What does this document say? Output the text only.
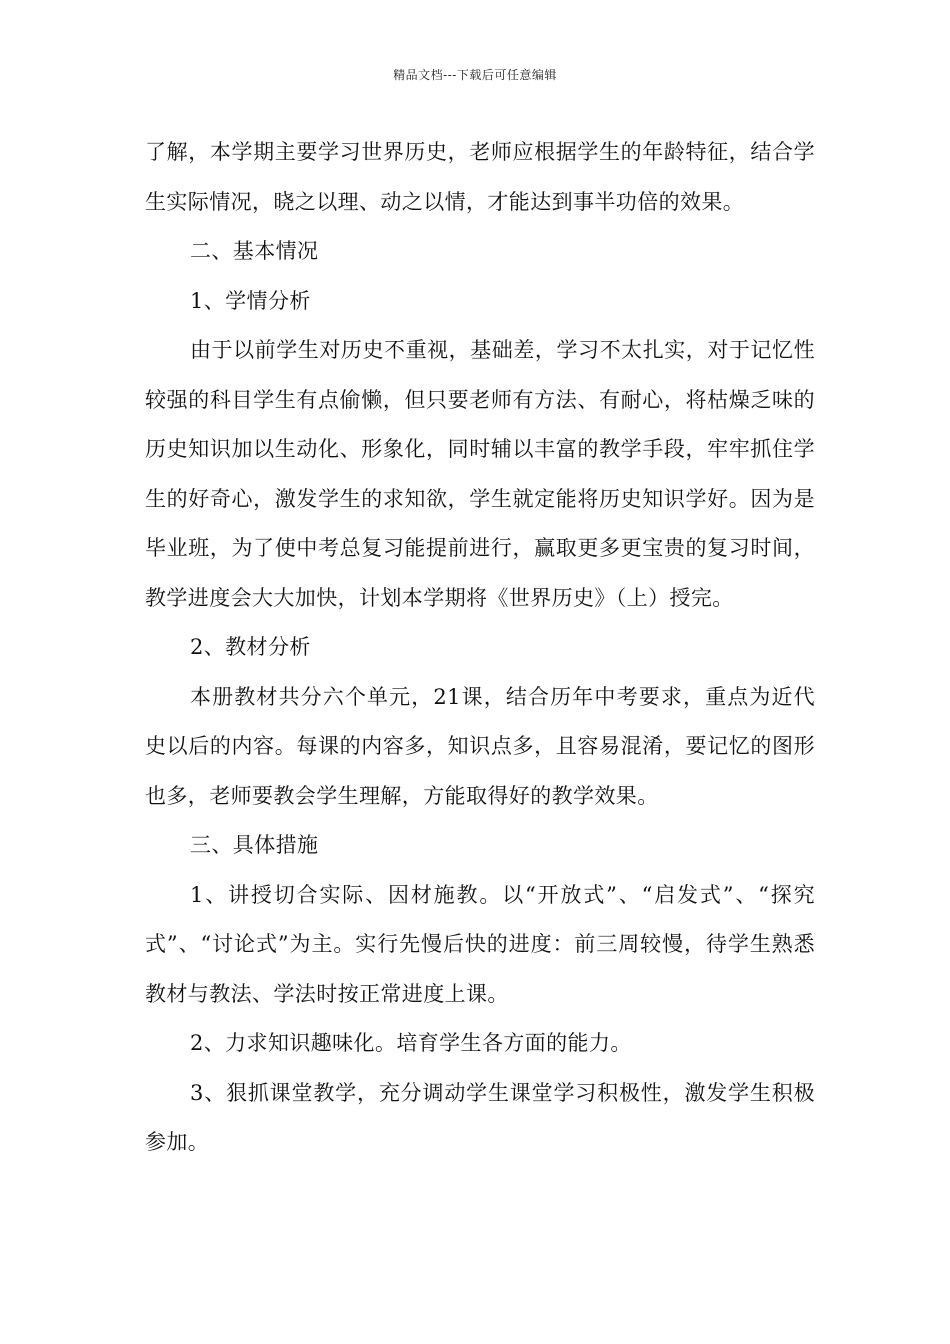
精品文档---下载后可任意编辑

了解，本学期主要学习世界历史，老师应根据学生的年龄特征，结合学生实际情况，晓之以理、动之以情，才能达到事半功倍的效果。

二、基本情况

1、学情分析

由于以前学生对历史不重视，基础差，学习不太扎实，对于记忆性较强的科目学生有点偷懒，但只要老师有方法、有耐心，将枯燥乏味的历史知识加以生动化、形象化，同时辅以丰富的教学手段，牢牢抓住学生的好奇心，激发学生的求知欲，学生就定能将历史知识学好。因为是毕业班，为了使中考总复习能提前进行，赢取更多更宝贵的复习时间，教学进度会大大加快，计划本学期将《世界历史》（上）授完。

2、教材分析

本册教材共分六个单元，21课，结合历年中考要求，重点为近代史以后的内容。每课的内容多，知识点多，且容易混淆，要记忆的图形也多，老师要教会学生理解，方能取得好的教学效果。

三、具体措施

1、讲授切合实际、因材施教。以“开放式”、“启发式”、“探究式”、“讨论式”为主。实行先慢后快的进度：前三周较慢，待学生熟悉教材与教法、学法时按正常进度上课。

2、力求知识趣味化。培育学生各方面的能力。

3、狠抓课堂教学，充分调动学生课堂学习积极性，激发学生积极参加。
